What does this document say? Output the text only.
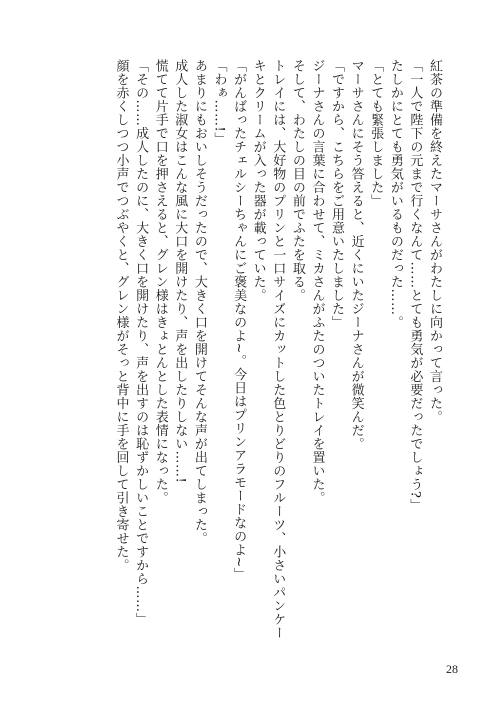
紅茶の準備を終えたマーサさんがわたしに向かって言った。
「一人で陛下の元まで行くなんて……とても勇気が必要だったでしょう?」
たしかにとても勇気がいるものだった……。
「とても緊張しました」
マーサさんにそう答えると、近くにいたジーナさんが微笑んだ。
「ですから、こちらをご用意いたしました」
ジーナさんの言葉に合わせて、ミカさんがふたのついたトレイを置いた。
そして、わたしの目の前でふたを取る。
トレイには、大好物のプリンと一口サイズにカットした色とりどりのフルーツ、小さいパンケー
キとクリームが入った器が載っていた。
「がんばったチェルシーちゃんにご褒美なのよ~。今日はプリンアラモードなのよ~」
「わぁ……!」
あまりにもおいしそうだったので、大きく口を開けてそんな声が出てしまった。
成人した淑女はこんな風に大口を開けたり、声を出したりしない……!
慌てて片手で口を押さえると、グレン様はきょとんとした表情になった。
「その……成人したのに、大きく口を開けたり、声を出すのは恥ずかしいことですから……」
顔を赤くしつつ小声でつぶやくと、グレン様がそっと背中に手を回して引き寄せた。
28
